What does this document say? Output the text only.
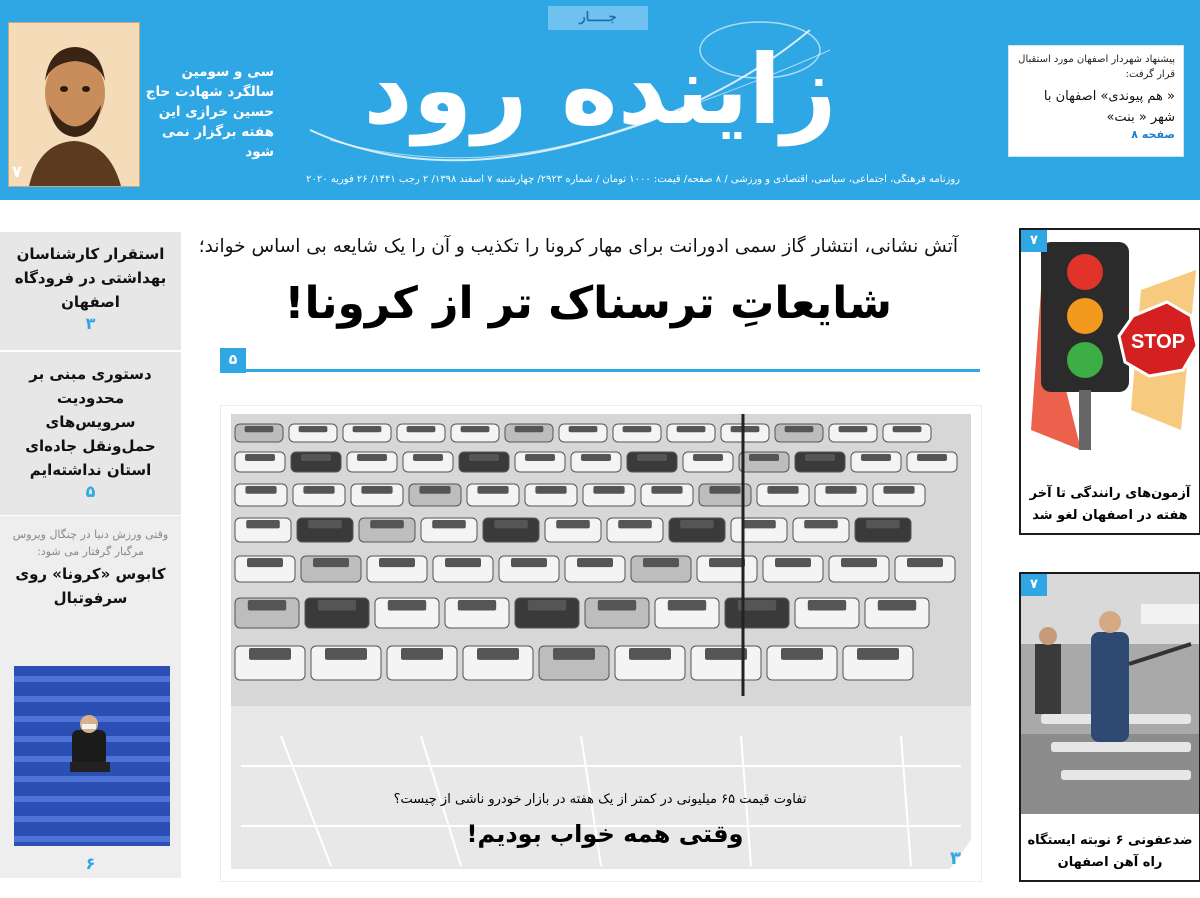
۷
سی و سومین سالگرد شهادت حاج حسین خرازی این هفته برگزار نمی شود
زاینده رود
جـــــار
روزنامه فرهنگی، اجتماعی، سیاسی، اقتصادی و ورزشی / ۸ صفحه/ قیمت: ۱۰۰۰ تومان / شماره ۲۹۲۳/ چهارشنبه ۷ اسفند ۱۳۹۸/ ۲ رجب ۱۴۴۱/ ۲۶ فوریه ۲۰۲۰
پیشنهاد شهردار اصفهان مورد استقبال قرار گرفت:
« هم پیوندی» اصفهان با شهر « بنت»
صفحه ۸
استقرار کارشناسان بهداشتی در فرودگاه اصفهان
۳
دستوری مبنی بر محدودیت سرویس‌های حمل‌ونقل جاده‌ای استان نداشته‌ایم
۵
وقتی ورزش دنیا در چنگال ویروس مرگبار گرفتار می شود:
کابوس «کرونا» روی سرفوتبال
۶
آتش نشانی، انتشار گاز سمی ادورانت برای مهار کرونا را تکذیب و آن را یک شایعه بی اساس خواند؛
شایعاتِ ترسناک تر از کرونا!
۵
تفاوت قیمت ۶۵ میلیونی در کمتر از یک هفته در بازار خودرو ناشی از چیست؟
وقتی همه خواب بودیم!
۳
STOP
۷
آزمون‌های رانندگی تا آخر هفته در اصفهان لغو شد
۷
ضدعفونی ۶ نوبته ایستگاه راه آهن اصفهان
